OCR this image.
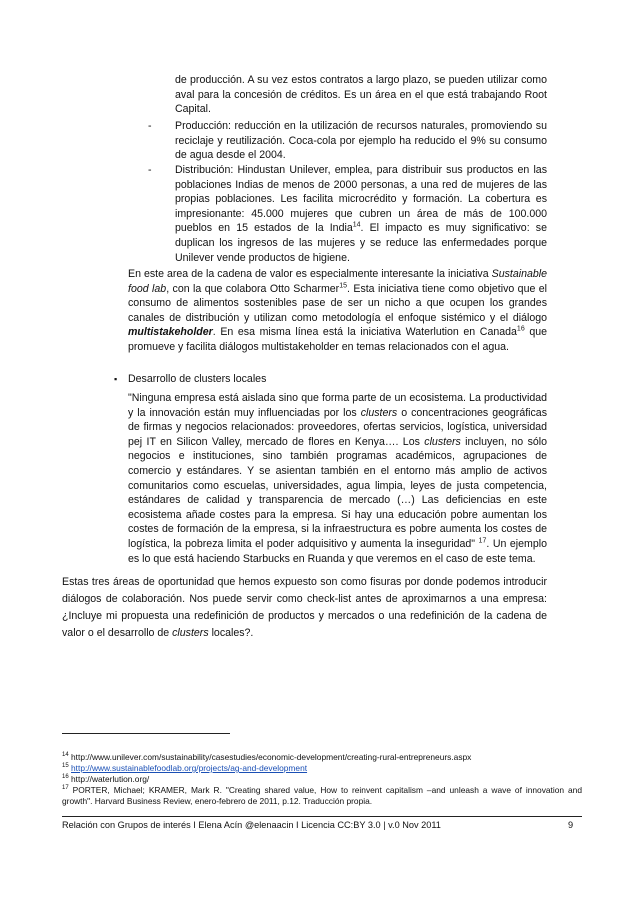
de producción. A su vez estos contratos a largo plazo, se pueden utilizar como aval para la concesión de créditos. Es un área en el que está trabajando Root Capital.

- Producción: reducción en la utilización de recursos naturales, promoviendo su reciclaje y reutilización. Coca-cola por ejemplo ha reducido el 9% su consumo de agua desde el 2004.

- Distribución: Hindustan Unilever, emplea, para distribuir sus productos en las poblaciones Indias de menos de 2000 personas, a una red de mujeres de las propias poblaciones. Les facilita microcrédito y formación. La cobertura es impresionante: 45.000 mujeres que cubren un área de más de 100.000 pueblos en 15 estados de la India$^{14}$. El impacto es muy significativo: se duplican los ingresos de las mujeres y se reduce las enfermedades porque Unilever vende productos de higiene.

En este area de la cadena de valor es especialmente interesante la iniciativa Sustainable food lab, con la que colabora Otto Scharmer$^{15}$. Esta iniciativa tiene como objetivo que el consumo de alimentos sostenibles pase de ser un nicho a que ocupen los grandes canales de distribución y utilizan como metodología el enfoque sistémico y el diálogo multistakeholder. En esa misma línea está la iniciativa Waterlution en Canada$^{16}$ que promueve y facilita diálogos multistakeholder en temas relacionados con el agua.

▪ Desarrollo de clusters locales

"Ninguna empresa está aislada sino que forma parte de un ecosistema. La productividad y la innovación están muy influenciadas por los clusters o concentraciones geográficas de firmas y negocios relacionados: proveedores, ofertas servicios, logística, universidad pej IT en Silicon Valley, mercado de flores en Kenya…. Los clusters incluyen, no sólo negocios e instituciones, sino también programas académicos, agrupaciones de comercio y estándares. Y se asientan también en el entorno más amplio de activos comunitarios como escuelas, universidades, agua limpia, leyes de justa competencia, estándares de calidad y transparencia de mercado (…) Las deficiencias en este ecosistema añade costes para la empresa. Si hay una educación pobre aumentan los costes de formación de la empresa, si la infraestructura es pobre aumenta los costes de logística, la pobreza limita el poder adquisitivo y aumenta la inseguridad" $^{17}$. Un ejemplo es lo que está haciendo Starbucks en Ruanda y que veremos en el caso de este tema.

Estas tres áreas de oportunidad que hemos expuesto son como fisuras por donde podemos introducir diálogos de colaboración. Nos puede servir como check-list antes de aproximarnos a una empresa: ¿Incluye mi propuesta una redefinición de productos y mercados o una redefinición de la cadena de valor o el desarrollo de clusters locales?.

$^{14}$ http://www.unilever.com/sustainability/casestudies/economic-development/creating-rural-entrepreneurs.aspx

$^{15}$ http://www.sustainablefoodlab.org/projects/ag-and-development

$^{16}$ http://waterlution.org/

$^{17}$ PORTER, Michael; KRAMER, Mark R. "Creating shared value, How to reinvent capitalism –and unleash a wave of innovation and growth". Harvard Business Review, enero-febrero de 2011, p.12. Traducción propia.

Relación con Grupos de interés I Elena Acín @elenaacin I Licencia CC:BY 3.0 | v.0 Nov 2011	9
